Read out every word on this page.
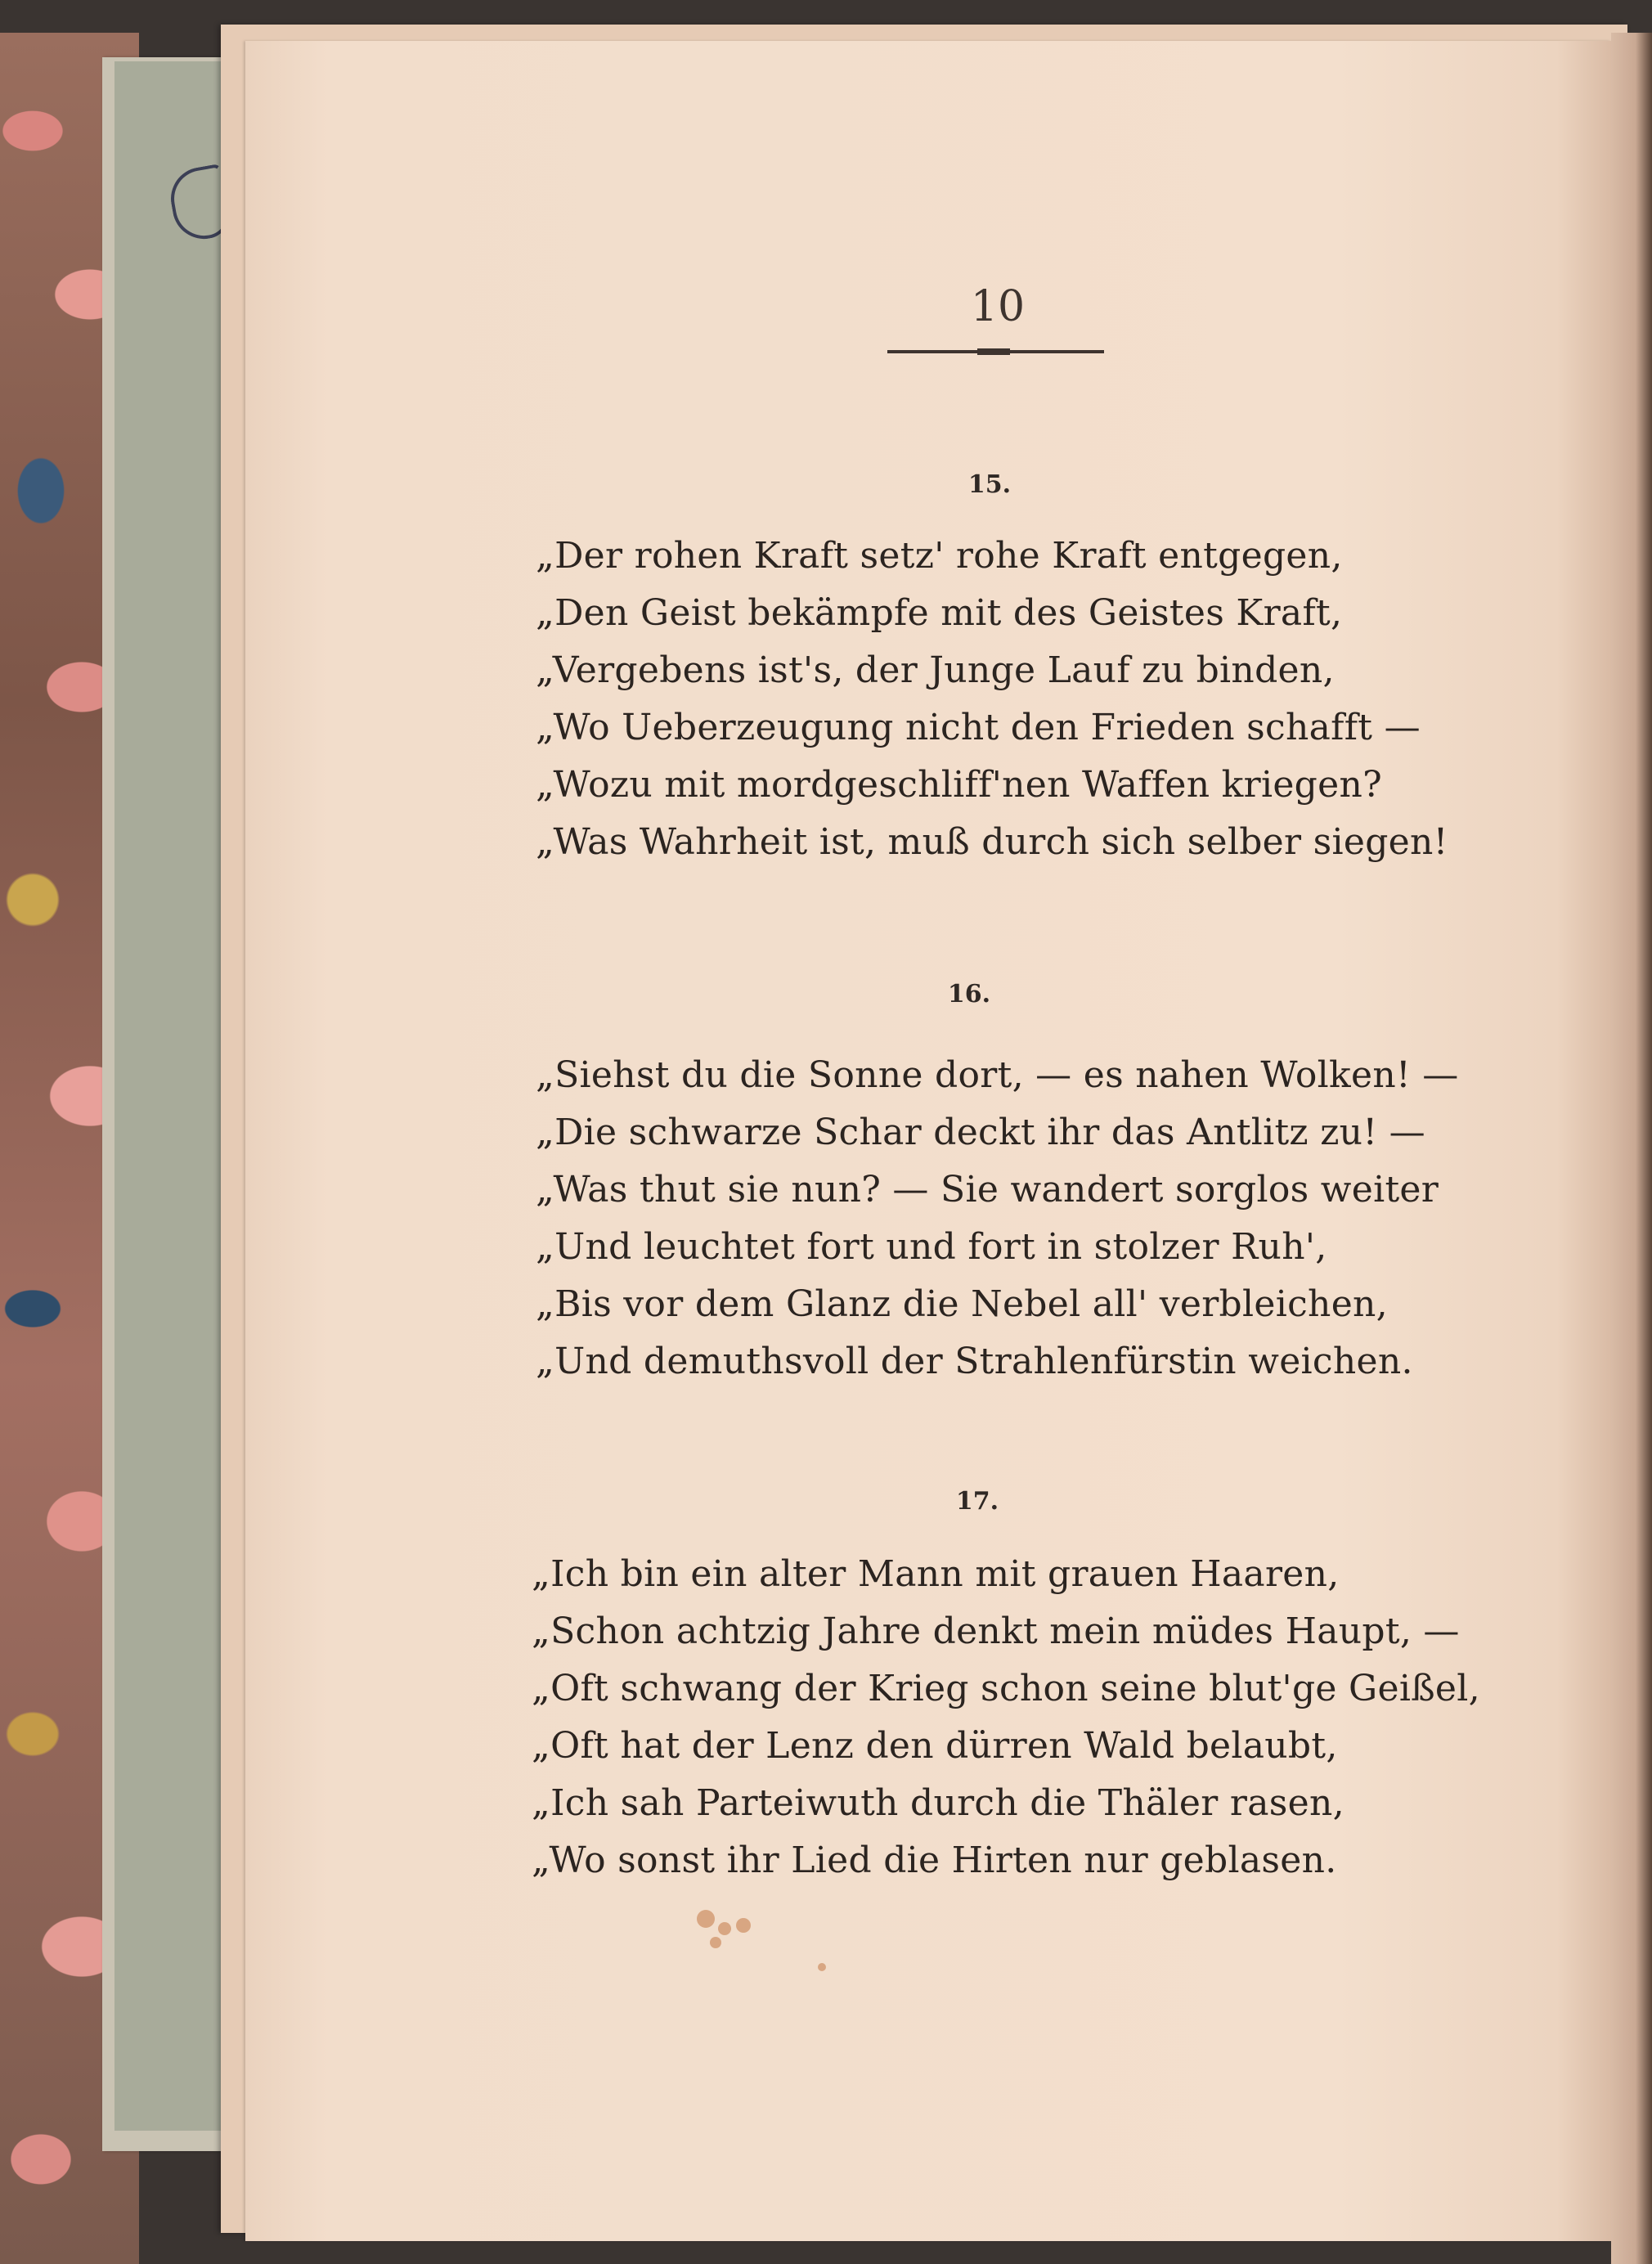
10
15.
„Der rohen Kraft setz' rohe Kraft entgegen,
„Den Geist bekämpfe mit des Geistes Kraft,
„Vergebens ist's, der Junge Lauf zu binden,
„Wo Ueberzeugung nicht den Frieden schafft —
„Wozu mit mordgeschliff'nen Waffen kriegen?
„Was Wahrheit ist, muß durch sich selber siegen!
16.
„Siehst du die Sonne dort, — es nahen Wolken! —
„Die schwarze Schar deckt ihr das Antlitz zu! —
„Was thut sie nun? — Sie wandert sorglos weiter
„Und leuchtet fort und fort in stolzer Ruh',
„Bis vor dem Glanz die Nebel all' verbleichen,
„Und demuthsvoll der Strahlenfürstin weichen.
17.
„Ich bin ein alter Mann mit grauen Haaren,
„Schon achtzig Jahre denkt mein müdes Haupt, —
„Oft schwang der Krieg schon seine blut'ge Geißel,
„Oft hat der Lenz den dürren Wald belaubt,
„Ich sah Parteiwuth durch die Thäler rasen,
„Wo sonst ihr Lied die Hirten nur geblasen.
